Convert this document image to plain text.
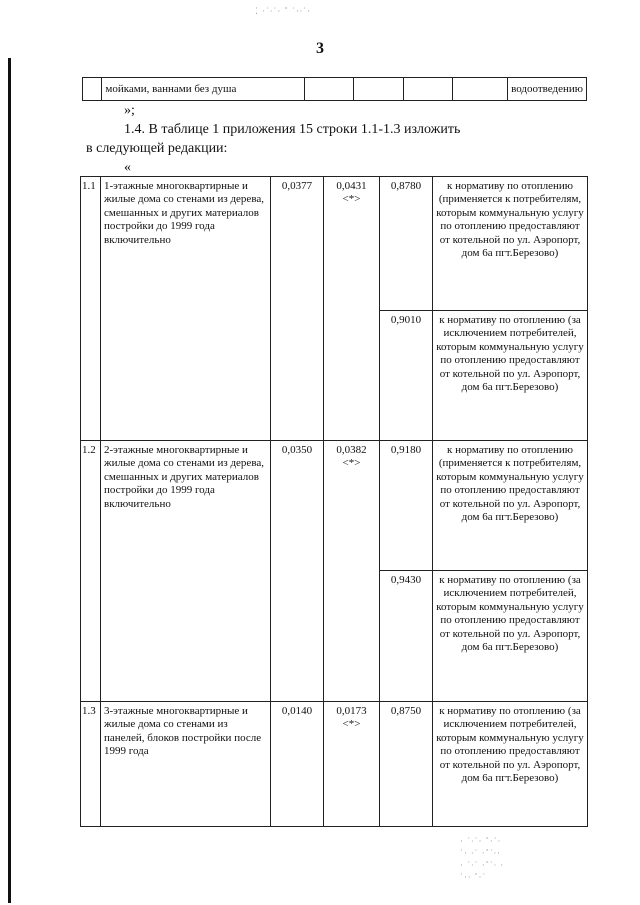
⁚ ·˙∙˙· ˚ ˙·∙˙·
· ˙∙˙· ˚·˙∙
˙· ∙˙ ·˚˙∙·
· ˙∙˙ ·˚˙∙ ·
˙·∙ ˚·˙
3
	мойками, ваннами без душа					водоотведению
»;
1.4. В таблице 1 приложения 15 строки 1.1-1.3 изложить
в следующей редакции:
«
1.1	1-этажные многоквартирные и жилые дома со стенами из дерева, смешанных и других материалов постройки до 1999 года включительно	0,0377	0,0431
<*>	0,8780	к нормативу по отоплению (применяется к потребителям, которым коммунальную услугу по отоплению предоставляют от котельной по ул. Аэропорт, дом 6а пгт.Березово)
				0,9010	к нормативу по отоплению (за исключением потребителей, которым коммунальную услугу по отоплению предоставляют от котельной по ул. Аэропорт, дом 6а пгт.Березово)
1.2	2-этажные многоквартирные и жилые дома со стенами из дерева, смешанных и других материалов постройки до 1999 года включительно	0,0350	0,0382
<*>	0,9180	к нормативу по отоплению (применяется к потребителям, которым коммунальную услугу по отоплению предоставляют от котельной по ул. Аэропорт, дом 6а пгт.Березово)
				0,9430	к нормативу по отоплению (за исключением потребителей, которым коммунальную услугу по отоплению предоставляют от котельной по ул. Аэропорт, дом 6а пгт.Березово)
1.3	3-этажные многоквартирные и жилые дома со стенами из панелей, блоков постройки после 1999 года	0,0140	0,0173
<*>	0,8750	к нормативу по отоплению (за исключением потребителей, которым коммунальную услугу по отоплению предоставляют от котельной по ул. Аэропорт, дом 6а пгт.Березово)
